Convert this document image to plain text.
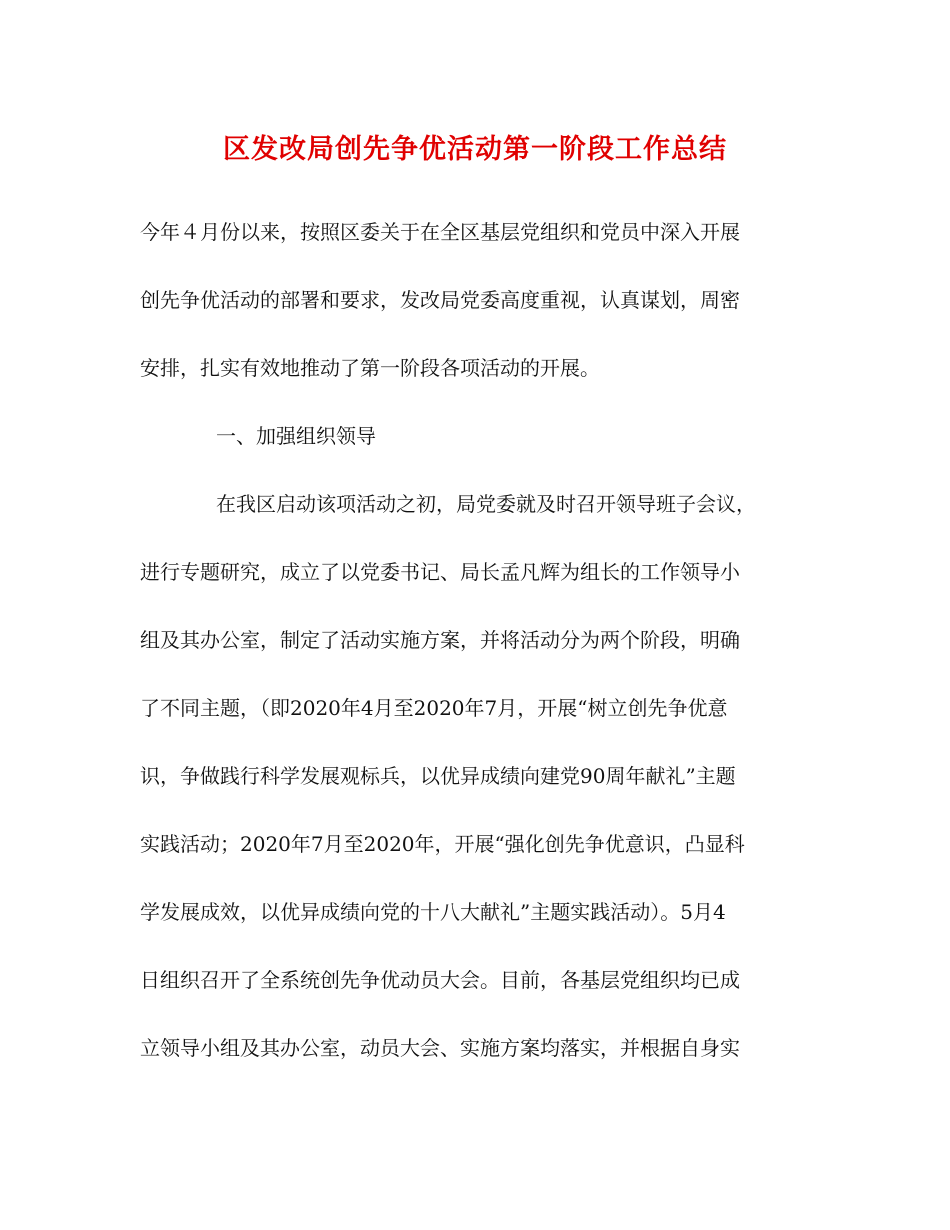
区发改局创先争优活动第一阶段工作总结
今年４月份以来，按照区委关于在全区基层党组织和党员中深入开展
创先争优活动的部署和要求，发改局党委高度重视，认真谋划，周密
安排，扎实有效地推动了第一阶段各项活动的开展。
一、加强组织领导
在我区启动该项活动之初，局党委就及时召开领导班子会议，
进行专题研究，成立了以党委书记、局长孟凡辉为组长的工作领导小
组及其办公室，制定了活动实施方案，并将活动分为两个阶段，明确
了不同主题，（即2020年4月至2020年7月，开展“树立创先争优意
识，争做践行科学发展观标兵，以优异成绩向建党90周年献礼”主题
实践活动；2020年7月至2020年，开展“强化创先争优意识，凸显科
学发展成效，以优异成绩向党的十八大献礼”主题实践活动）。5月4
日组织召开了全系统创先争优动员大会。目前，各基层党组织均已成
立领导小组及其办公室，动员大会、实施方案均落实，并根据自身实
